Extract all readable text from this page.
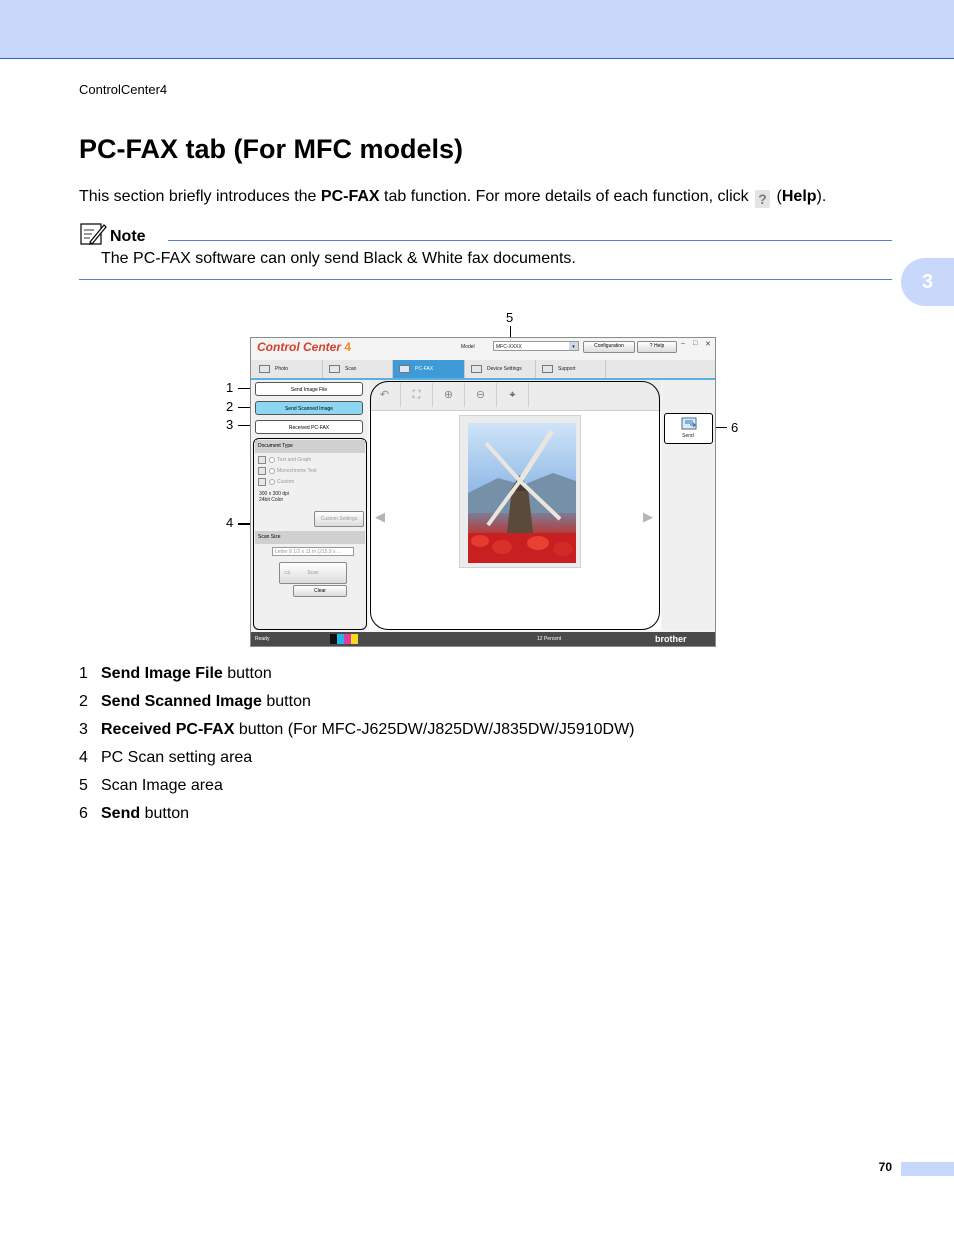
ControlCenter4
PC-FAX tab (For MFC models)
This section briefly introduces the PC-FAX tab function. For more details of each function, click ? (Help).
Note
The PC-FAX software can only send Black & White fax documents.
3
5
1
2
3
4
6
Control Center 4	Model	MFC-XXXX	▾	Configuration	? Help	– □ ✕
Photo	Scan	PC-FAX	Device Settings	Support
Send Image File
Send Scanned Image
Received PC-FAX
Document Type
Text and Graph
Monochrome Text
Custom
300 x 300 dpi
24bit Color
Custom Settings
Scan Size
Letter 8 1/2 x 11 in (215.9 x ...
⇨	Scan
Clear
↶	⛶	⊕	⊖	⌖
◀	▶
Send
Ready	12 Percent	brother
1 Send Image File button
2 Send Scanned Image button
3 Received PC-FAX button (For MFC-J625DW/J825DW/J835DW/J5910DW)
4 PC Scan setting area
5 Scan Image area
6 Send button
70
